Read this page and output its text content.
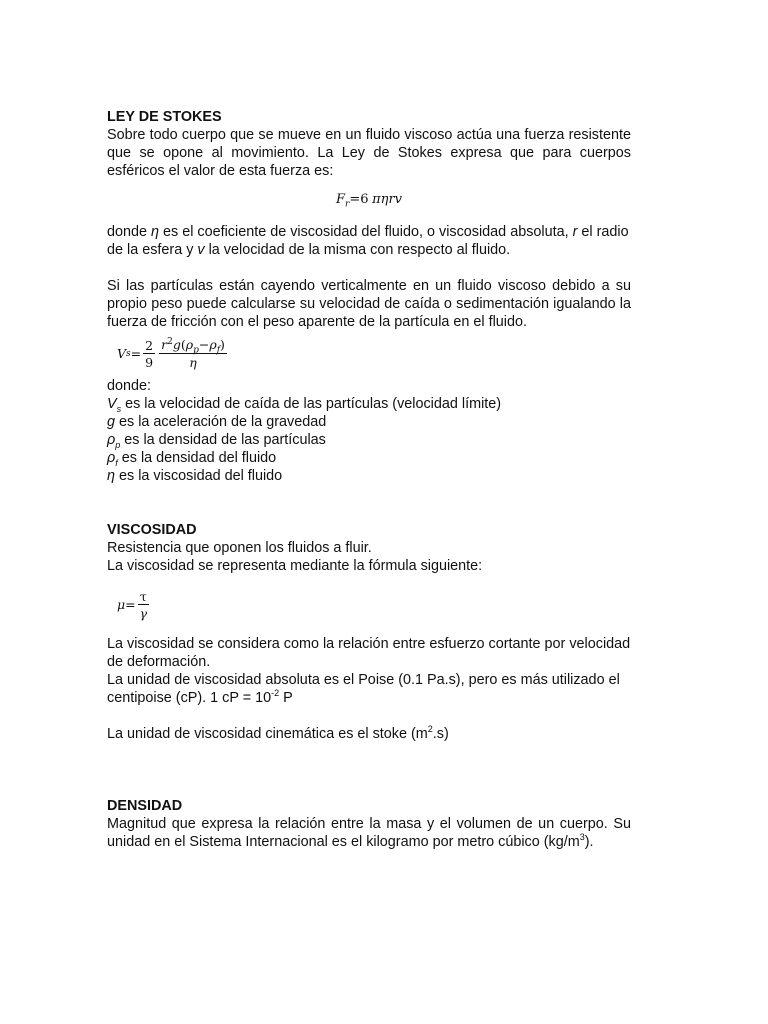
LEY DE STOKES

Sobre todo cuerpo que se mueve en un fluido viscoso actúa una fuerza resistente que se opone al movimiento. La Ley de Stokes expresa que para cuerpos esféricos el valor de esta fuerza es:

$F_r=6$ πηrv

donde η es el coeficiente de viscosidad del fluido, o viscosidad absoluta, r el radio de la esfera y v la velocidad de la misma con respecto al fluido.

Si las partículas están cayendo verticalmente en un fluido viscoso debido a su propio peso puede calcularse su velocidad de caída o sedimentación igualando la fuerza de fricción con el peso aparente de la partícula en el fluido.

V $s = \frac{2}{9} \frac{r^2g(\rho_p-\rho_f)}{\eta}$

donde:

$V_s$ es la velocidad de caída de las partículas (velocidad límite)

g es la aceleración de la gravedad

$\rho_p$ es la densidad de las partículas

$\rho_f$ es la densidad del fluido

η es la viscosidad del fluido

VISCOSIDAD

Resistencia que oponen los fluidos a fluir.

La viscosidad se representa mediante la fórmula siguiente:

$\mu = \frac{\tau}{\gamma}$

La viscosidad se considera como la relación entre esfuerzo cortante por velocidad de deformación.

La unidad de viscosidad absoluta es el Poise (0.1 Pa.s), pero es más utilizado el centipoise (cP). 1 cP = $10^{-2}$ P

La unidad de viscosidad cinemática es el stoke $(m^2.s)$

DENSIDAD

Magnitud que expresa la relación entre la masa y el volumen de un cuerpo. Su unidad en el Sistema Internacional es el kilogramo por metro cúbico $(kg/m^3)$.
